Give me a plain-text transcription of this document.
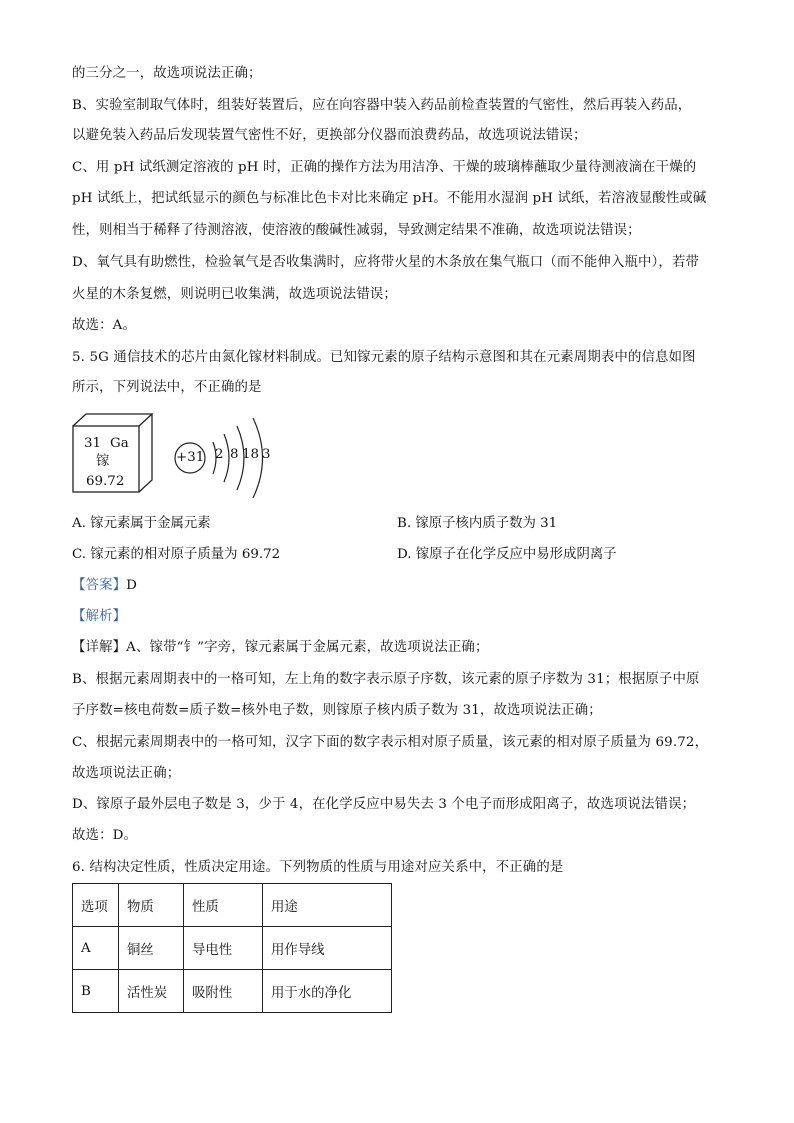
的三分之一，故选项说法正确；
B、实验室制取气体时，组装好装置后，应在向容器中装入药品前检查装置的气密性，然后再装入药品，
以避免装入药品后发现装置气密性不好，更换部分仪器而浪费药品，故选项说法错误；
C、用 pH 试纸测定溶液的 pH 时，正确的操作方法为用洁净、干燥的玻璃棒蘸取少量待测液滴在干燥的
pH 试纸上，把试纸显示的颜色与标准比色卡对比来确定 pH。不能用水湿润 pH 试纸，若溶液显酸性或碱
性，则相当于稀释了待测溶液，使溶液的酸碱性减弱，导致测定结果不准确，故选项说法错误；
D、氧气具有助燃性，检验氧气是否收集满时，应将带火星的木条放在集气瓶口（而不能伸入瓶中），若带
火星的木条复燃，则说明已收集满，故选项说法错误；
故选：A。
5. 5G 通信技术的芯片由氮化镓材料制成。已知镓元素的原子结构示意图和其在元素周期表中的信息如图
所示，下列说法中，不正确的是
31 Ga
镓
69.72
+31 2 8 18 3
A. 镓元素属于金属元素	B. 镓原子核内质子数为 31
C. 镓元素的相对原子质量为 69.72	D. 镓原子在化学反应中易形成阴离子
【答案】D
【解析】
【详解】A、镓带“钅”字旁，镓元素属于金属元素，故选项说法正确；
B、根据元素周期表中的一格可知，左上角的数字表示原子序数，该元素的原子序数为 31；根据原子中原
子序数=核电荷数=质子数=核外电子数，则镓原子核内质子数为 31，故选项说法正确；
C、根据元素周期表中的一格可知，汉字下面的数字表示相对原子质量，该元素的相对原子质量为 69.72，
故选项说法正确；
D、镓原子最外层电子数是 3，少于 4，在化学反应中易失去 3 个电子而形成阳离子，故选项说法错误；
故选：D。
6. 结构决定性质，性质决定用途。下列物质的性质与用途对应关系中，不正确的是
选项	物质	性质	用途
A	铜丝	导电性	用作导线
B	活性炭	吸附性	用于水的净化
